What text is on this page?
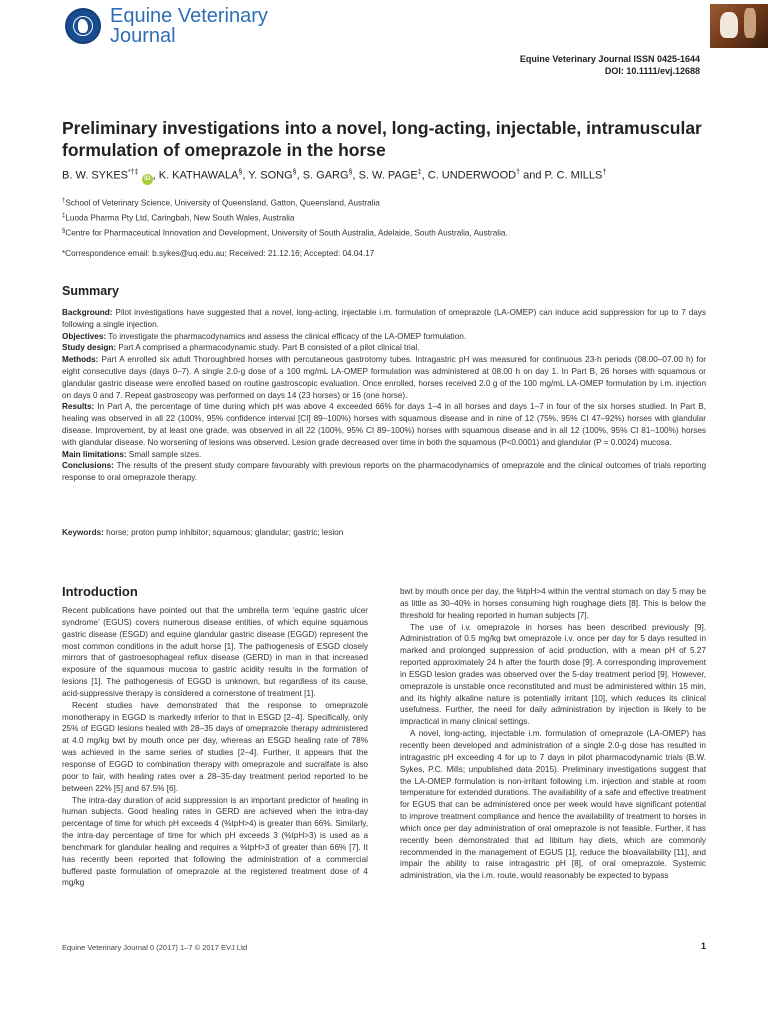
Equine Veterinary
Journal
Equine Veterinary Journal ISSN 0425-1644
DOI: 10.1111/evj.12688
Preliminary investigations into a novel, long-acting, injectable, intramuscular formulation of omeprazole in the horse
B. W. SYKES*†‡ iD , K. KATHAWALA§, Y. SONG§, S. GARG§, S. W. PAGE‡, C. UNDERWOOD† and P. C. MILLS†
†School of Veterinary Science, University of Queensland, Gatton, Queensland, Australia
‡Luoda Pharma Pty Ltd, Caringbah, New South Wales, Australia
§Centre for Pharmaceutical Innovation and Development, University of South Australia, Adelaide, South Australia, Australia.
*Correspondence email: b.sykes@uq.edu.au; Received: 21.12.16; Accepted: 04.04.17
Summary

Background: Pilot investigations have suggested that a novel, long-acting, injectable i.m. formulation of omeprazole (LA-OMEP) can induce acid suppression for up to 7 days following a single injection.

Objectives: To investigate the pharmacodynamics and assess the clinical efficacy of the LA-OMEP formulation.

Study design: Part A comprised a pharmacodynamic study. Part B consisted of a pilot clinical trial.

Methods: Part A enrolled six adult Thoroughbred horses with percutaneous gastrotomy tubes. Intragastric pH was measured for continuous 23-h periods (08.00–07.00 h) for eight consecutive days (days 0–7). A single 2.0-g dose of a 100 mg/mL LA-OMEP formulation was administered at 08.00 h on day 1. In Part B, 26 horses with squamous or glandular gastric disease were enrolled based on routine gastroscopic evaluation. Once enrolled, horses received 2.0 g of the 100 mg/mL LA-OMEP formulation by i.m. injection on days 0 and 7. Repeat gastroscopy was performed on days 14 (23 horses) or 16 (one horse).

Results: In Part A, the percentage of time during which pH was above 4 exceeded 66% for days 1–4 in all horses and days 1–7 in four of the six horses studied. In Part B, healing was observed in all 22 (100%, 95% confidence interval [CI] 89–100%) horses with squamous disease and in nine of 12 (75%, 95% CI 47–92%) horses with glandular disease. Improvement, by at least one grade, was observed in all 22 (100%, 95% CI 89–100%) horses with squamous disease and in all 12 (100%, 95% CI 81–100%) horses with glandular disease. No worsening of lesions was observed. Lesion grade decreased over time in both the squamous (P<0.0001) and glandular (P = 0.0024) mucosa.

Main limitations: Small sample sizes.

Conclusions: The results of the present study compare favourably with previous reports on the pharmacodynamics of omeprazole and the clinical outcomes of trials reporting response to oral omeprazole therapy.

Keywords: horse; proton pump inhibitor; squamous; glandular; gastric; lesion
Introduction

Recent publications have pointed out that the umbrella term ‘equine gastric ulcer syndrome’ (EGUS) covers numerous disease entities, of which equine squamous gastric disease (ESGD) and equine glandular gastric disease (EGGD) represent the most common conditions in the adult horse [1]. The pathogenesis of ESGD closely mirrors that of gastroesophageal reflux disease (GERD) in man in that increased exposure of the squamous mucosa to gastric acidity results in the formation of lesions [1]. The pathogenesis of EGGD is unknown, but regardless of its cause, acid-suppressive therapy is considered a cornerstone of treatment [1].

Recent studies have demonstrated that the response to omeprazole monotherapy in EGGD is markedly inferior to that in ESGD [2–4]. Specifically, only 25% of EGGD lesions healed with 28–35 days of omeprazole therapy administered at 4.0 mg/kg bwt by mouth once per day, whereas an ESGD healing rate of 78% was achieved in the same series of studies [2–4]. Further, it appears that the response of EGGD to combination therapy with omeprazole and sucralfate is also poor to fair, with healing rates over a 28–35-day treatment period reported to be between 22% [5] and 67.5% [6].

The intra-day duration of acid suppression is an important predictor of healing in human subjects. Good healing rates in GERD are achieved when the intra-day percentage of time for which pH exceeds 4 (%tpH>4) is greater than 66%. Similarly, the intra-day percentage of time for which pH exceeds 3 (%tpH>3) is used as a benchmark for glandular healing and requires a %tpH>3 of greater than 66% [7]. It has recently been reported that following the administration of a commercial buffered paste formulation of omeprazole at the registered treatment dose of 4 mg/kg

bwt by mouth once per day, the %tpH>4 within the ventral stomach on day 5 may be as little as 30–40% in horses consuming high roughage diets [8]. This is below the threshold for healing reported in human subjects [7].

The use of i.v. omeprazole in horses has been described previously [9]. Administration of 0.5 mg/kg bwt omeprazole i.v. once per day for 5 days resulted in marked and prolonged suppression of acid production, with a mean pH of 5.27 reported approximately 24 h after the fourth dose [9]. A corresponding improvement in ESGD lesion grades was observed over the 5-day treatment period [9]. However, omeprazole is unstable once reconstituted and must be administered within 15 min, and its highly alkaline nature is potentially irritant [10], which reduces its clinical usefulness. Further, the need for daily administration by injection is likely to be impractical in many clinical settings.

A novel, long-acting, injectable i.m. formulation of omeprazole (LA-OMEP) has recently been developed and administration of a single 2.0-g dose has resulted in intragastric pH exceeding 4 for up to 7 days in pilot pharmacodynamic trials (B.W. Sykes, P.C. Mills; unpublished data 2015). Preliminary investigations suggest that the LA-OMEP formulation is non-irritant following i.m. injection and stable at room temperature for extended durations. The availability of a safe and effective treatment for EGUS that can be administered once per week would have significant potential to improve treatment compliance and hence the availability of treatment to horses in which once per day administration of oral omeprazole is not feasible. Further, it has recently been demonstrated that ad libitum hay diets, which are commonly recommended in the management of EGUS [1], reduce the bioavailability [11], and impair the ability to raise intragastric pH [8], of oral omeprazole. Systemic administration, via the i.m. route, would reasonably be expected to bypass

Equine Veterinary Journal 0 (2017) 1–7 © 2017 EVJ Ltd	1
